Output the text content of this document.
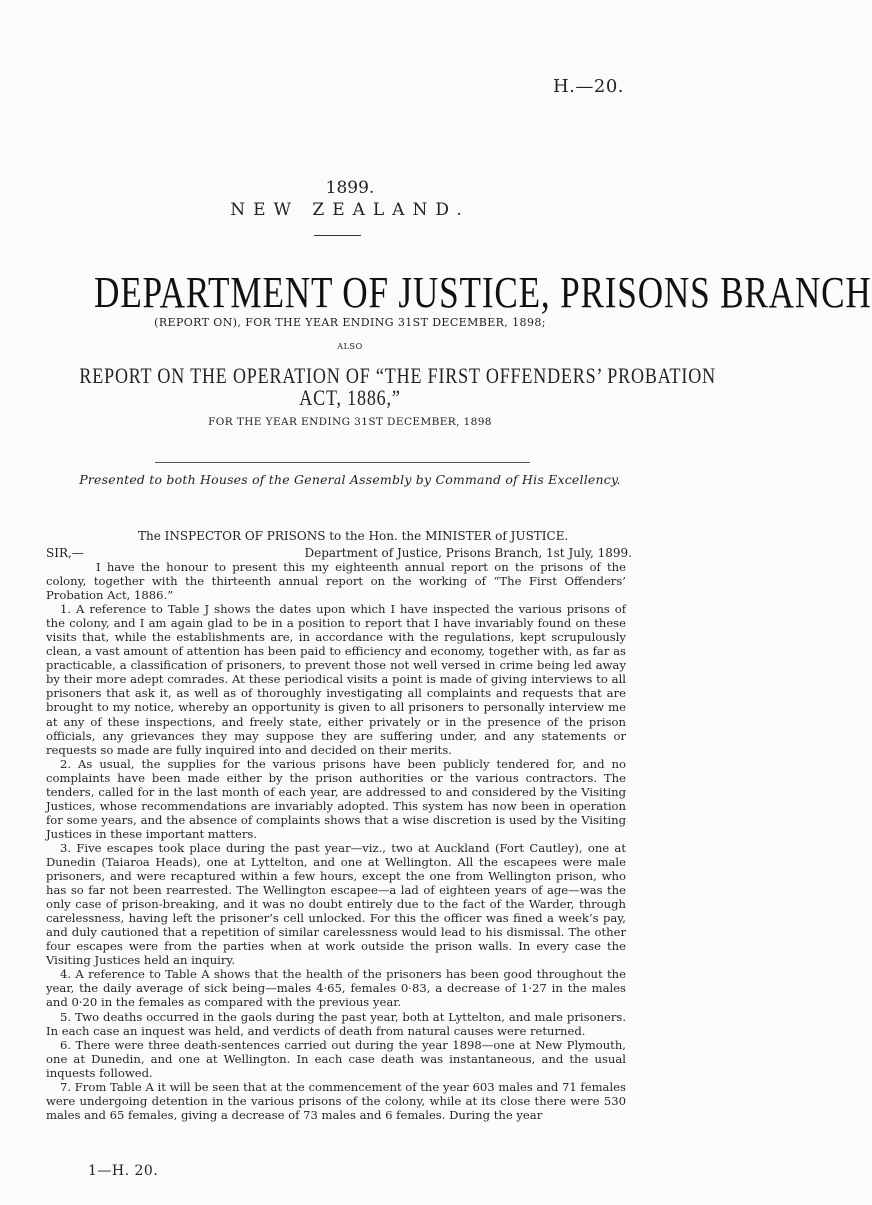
H.—20.
1899.
NEW ZEALAND.
DEPARTMENT OF JUSTICE, PRISONS BRANCH
(REPORT ON), FOR THE YEAR ENDING 31ST DECEMBER, 1898;
ALSO
REPORT ON THE OPERATION OF “THE FIRST OFFENDERS’ PROBATION
ACT, 1886,”
FOR THE YEAR ENDING 31ST DECEMBER, 1898
Presented to both Houses of the General Assembly by Command of His Excellency.
The INSPECTOR OF PRISONS to the Hon. the MINISTER of JUSTICE.
SIR,—	Department of Justice, Prisons Branch, 1st July, 1899.

I have the honour to present this my eighteenth annual report on the prisons of the colony, together with the thirteenth annual report on the working of “The First Offenders’ Probation Act, 1886.”

1. A reference to Table J shows the dates upon which I have inspected the various prisons of the colony, and I am again glad to be in a position to report that I have invariably found on these visits that, while the establishments are, in accordance with the regulations, kept scrupulously clean, a vast amount of attention has been paid to efficiency and economy, together with, as far as practicable, a classification of prisoners, to prevent those not well versed in crime being led away by their more adept comrades. At these periodical visits a point is made of giving interviews to all prisoners that ask it, as well as of thoroughly investigating all complaints and requests that are brought to my notice, whereby an opportunity is given to all prisoners to personally interview me at any of these inspections, and freely state, either privately or in the presence of the prison officials, any grievances they may suppose they are suffering under, and any statements or requests so made are fully inquired into and decided on their merits.

2. As usual, the supplies for the various prisons have been publicly tendered for, and no complaints have been made either by the prison authorities or the various contractors. The tenders, called for in the last month of each year, are addressed to and considered by the Visiting Justices, whose recommendations are invariably adopted. This system has now been in operation for some years, and the absence of complaints shows that a wise discretion is used by the Visiting Justices in these important matters.

3. Five escapes took place during the past year—viz., two at Auckland (Fort Cautley), one at Dunedin (Taiaroa Heads), one at Lyttelton, and one at Wellington. All the escapees were male prisoners, and were recaptured within a few hours, except the one from Wellington prison, who has so far not been rearrested. The Wellington escapee—a lad of eighteen years of age—was the only case of prison-breaking, and it was no doubt entirely due to the fact of the Warder, through carelessness, having left the prisoner’s cell unlocked. For this the officer was fined a week’s pay, and duly cautioned that a repetition of similar carelessness would lead to his dismissal. The other four escapes were from the parties when at work outside the prison walls. In every case the Visiting Justices held an inquiry.

4. A reference to Table A shows that the health of the prisoners has been good throughout the year, the daily average of sick being—males 4·65, females 0·83, a decrease of 1·27 in the males and 0·20 in the females as compared with the previous year.

5. Two deaths occurred in the gaols during the past year, both at Lyttelton, and male prisoners. In each case an inquest was held, and verdicts of death from natural causes were returned.

6. There were three death-sentences carried out during the year 1898—one at New Plymouth, one at Dunedin, and one at Wellington. In each case death was instantaneous, and the usual inquests followed.

7. From Table A it will be seen that at the commencement of the year 603 males and 71 females were undergoing detention in the various prisons of the colony, while at its close there were 530 males and 65 females, giving a decrease of 73 males and 6 females. During the year

1—H. 20.
